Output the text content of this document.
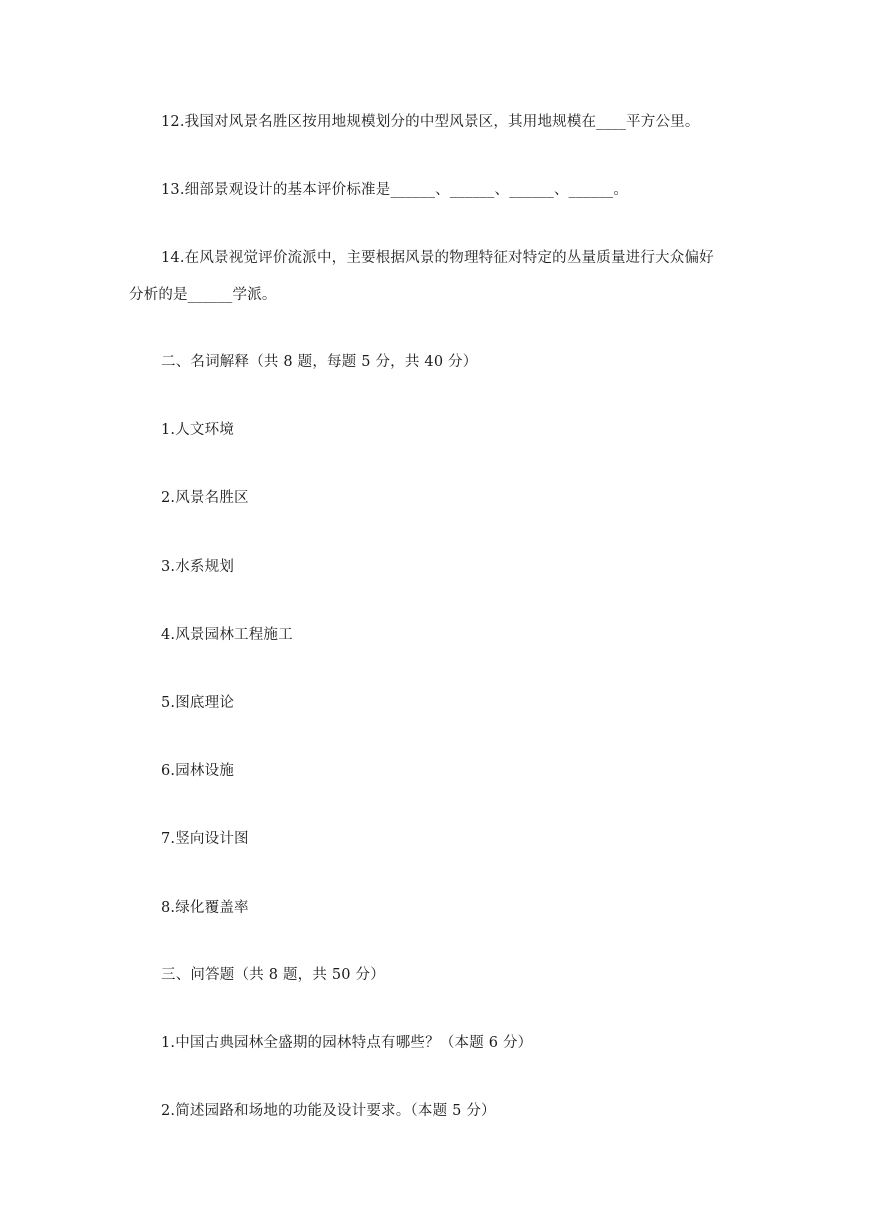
12.我国对风景名胜区按用地规模划分的中型风景区，其用地规模在____平方公里。
13.细部景观设计的基本评价标准是______、______、______、______。
14.在风景视觉评价流派中，主要根据风景的物理特征对特定的丛量质量进行大众偏好
分析的是______学派。
二、名词解释（共 8 题，每题 5 分，共 40 分）
1.人文环境
2.风景名胜区
3.水系规划
4.风景园林工程施工
5.图底理论
6.园林设施
7.竖向设计图
8.绿化覆盖率
三、问答题（共 8 题，共 50 分）
1.中国古典园林全盛期的园林特点有哪些？（本题 6 分）
2.简述园路和场地的功能及设计要求。（本题 5 分）
